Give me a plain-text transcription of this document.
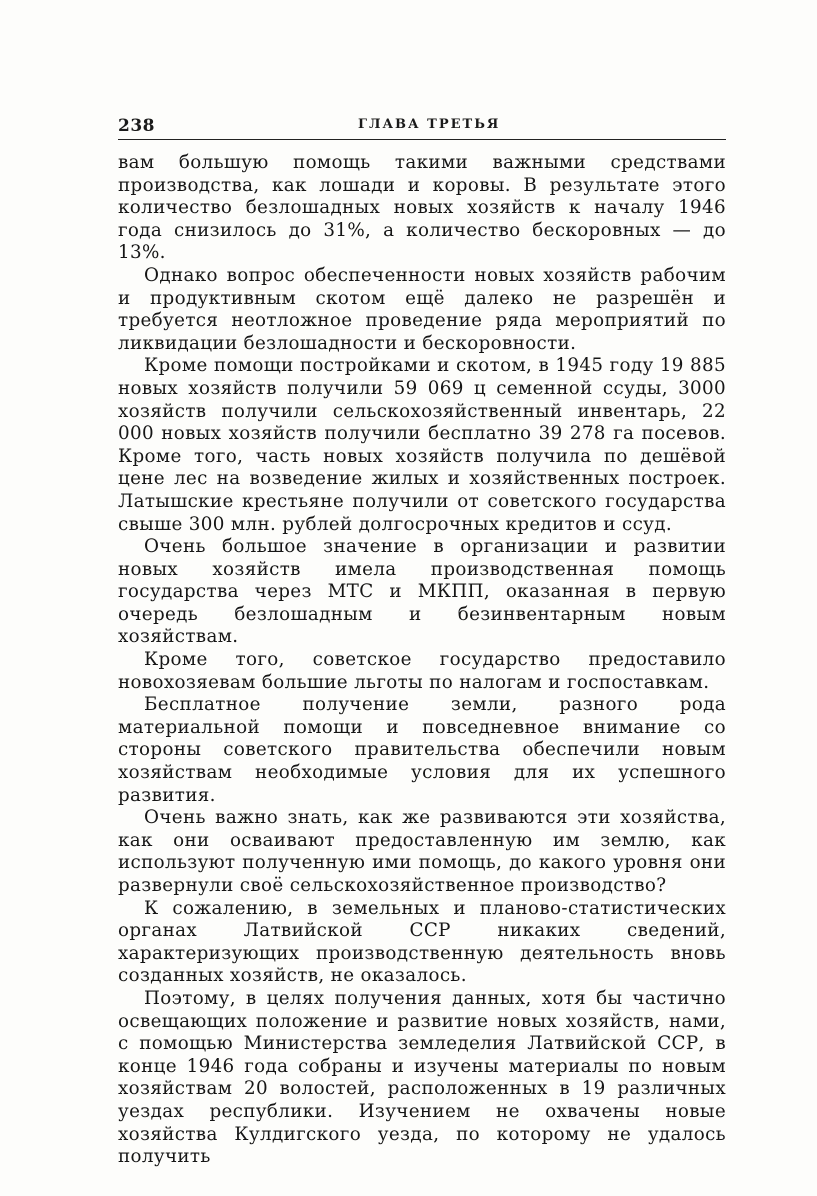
238	ГЛАВА ТРЕТЬЯ

вам большую помощь такими важными средствами производства, как лошади и коровы. В результате этого количество безлошадных новых хозяйств к началу 1946 года снизилось до 31%, а количество бескоровных — до 13%.

Однако вопрос обеспеченности новых хозяйств рабочим и продуктивным скотом ещё далеко не разрешён и требуется неотложное проведение ряда мероприятий по ликвидации безлошадности и бескоровности.

Кроме помощи постройками и скотом, в 1945 году 19 885 новых хозяйств получили 59 069 ц семенной ссуды, 3000 хозяйств получили сельскохозяйственный инвентарь, 22 000 новых хозяйств получили бесплатно 39 278 га посевов. Кроме того, часть новых хозяйств получила по дешёвой цене лес на возведение жилых и хозяйственных построек. Латышские крестьяне получили от советского государства свыше 300 млн. рублей долгосрочных кредитов и ссуд.

Очень большое значение в организации и развитии новых хозяйств имела производственная помощь государства через МТС и МКПП, оказанная в первую очередь безлошадным и безинвентарным новым хозяйствам.

Кроме того, советское государство предоставило новохозяевам большие льготы по налогам и госпоставкам.

Бесплатное получение земли, разного рода материальной помощи и повседневное внимание со стороны советского правительства обеспечили новым хозяйствам необходимые условия для их успешного развития.

Очень важно знать, как же развиваются эти хозяйства, как они осваивают предоставленную им землю, как используют полученную ими помощь, до какого уровня они развернули своё сельскохозяйственное производство?

К сожалению, в земельных и планово-статистических органах Латвийской ССР никаких сведений, характеризующих производственную деятельность вновь созданных хозяйств, не оказалось.

Поэтому, в целях получения данных, хотя бы частично освещающих положение и развитие новых хозяйств, нами, с помощью Министерства земледелия Латвийской ССР, в конце 1946 года собраны и изучены материалы по новым хозяйствам 20 волостей, расположенных в 19 различных уездах республики. Изучением не охвачены новые хозяйства Кулдигского уезда, по которому не удалось получить
